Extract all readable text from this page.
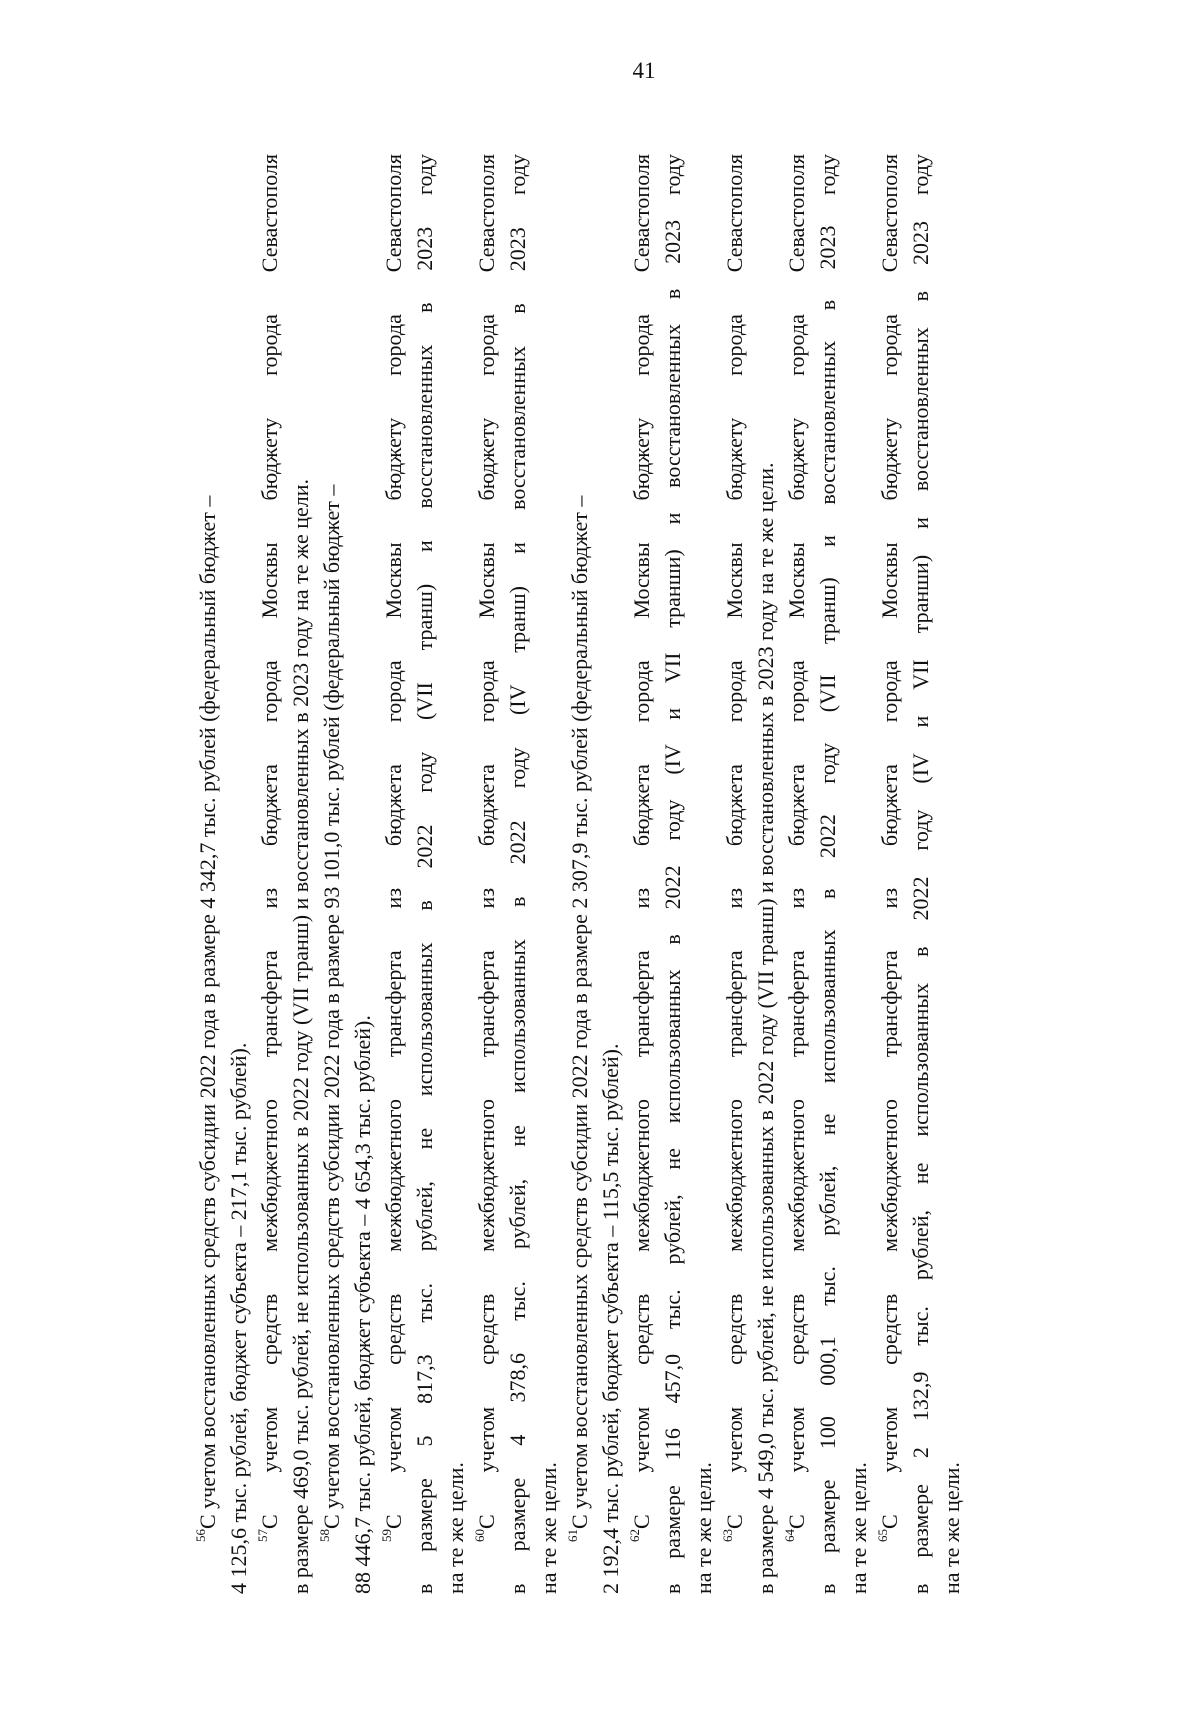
41
$^{56}$С учетом восстановленных средств субсидии 2022 года в размере 4 342,7 тыс. рублей (федеральный бюджет – 4 125,6 тыс. рублей, бюджет субъекта – 217,1 тыс. рублей). $^{57}$С учетом средств межбюджетного трансферта из бюджета города Москвы бюджету города Севастополя в размере 469,0 тыс. рублей, не использованных в 2022 году (VII транш) и восстановленных в 2023 году на те же цели. $^{58}$С учетом восстановленных средств субсидии 2022 года в размере 93 101,0 тыс. рублей (федеральный бюджет – 88 446,7 тыс. рублей, бюджет субъекта – 4 654,3 тыс. рублей). $^{59}$С учетом средств межбюджетного трансферта из бюджета города Москвы бюджету города Севастополя в размере 5 817,3 тыс. рублей, не использованных в 2022 году (VII транш) и восстановленных в 2023 году на те же цели. $^{60}$С учетом средств межбюджетного трансферта из бюджета города Москвы бюджету города Севастополя в размере 4 378,6 тыс. рублей, не использованных в 2022 году (IV транш) и восстановленных в 2023 году на те же цели. $^{61}$С учетом восстановленных средств субсидии 2022 года в размере 2 307,9 тыс. рублей (федеральный бюджет – 2 192,4 тыс. рублей, бюджет субъекта – 115,5 тыс. рублей). $^{62}$С учетом средств межбюджетного трансферта из бюджета города Москвы бюджету города Севастополя в размере 116 457,0 тыс. рублей, не использованных в 2022 году (IV и VII транши) и восстановленных в 2023 году на те же цели. $^{63}$С учетом средств межбюджетного трансферта из бюджета города Москвы бюджету города Севастополя в размере 4 549,0 тыс. рублей, не использованных в 2022 году (VII транш) и восстановленных в 2023 году на те же цели. $^{64}$С учетом средств межбюджетного трансферта из бюджета города Москвы бюджету города Севастополя в размере 100 000,1 тыс. рублей, не использованных в 2022 году (VII транш) и восстановленных в 2023 году на те же цели. $^{65}$С учетом средств межбюджетного трансферта из бюджета города Москвы бюджету города Севастополя в размере 2 132,9 тыс. рублей, не использованных в 2022 году (IV и VII транши) и восстановленных в 2023 году на те же цели.
